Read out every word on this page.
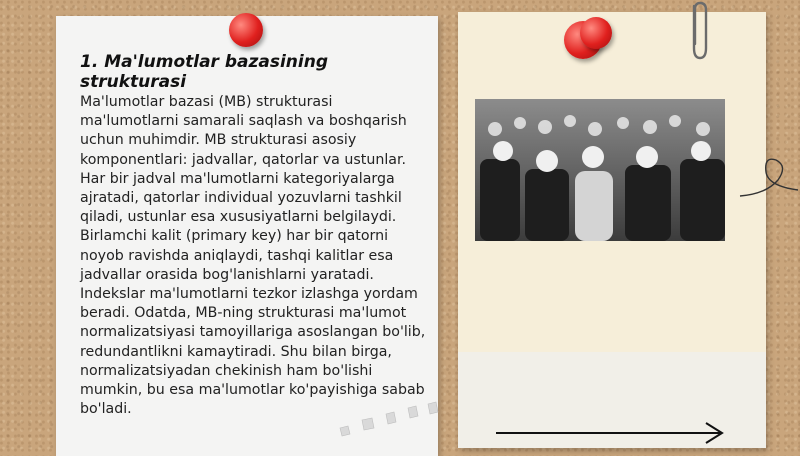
1. Ma'lumotlar bazasining strukturasi

Ma'lumotlar bazasi (MB) strukturasi ma'lumotlarni samarali saqlash va boshqarish uchun muhimdir. MB strukturasi asosiy komponentlari: jadvallar, qatorlar va ustunlar. Har bir jadval ma'lumotlarni kategoriyalarga ajratadi, qatorlar individual yozuvlarni tashkil qiladi, ustunlar esa xususiyatlarni belgilaydi. Birlamchi kalit (primary key) har bir qatorni noyob ravishda aniqlaydi, tashqi kalitlar esa jadvallar orasida bog'lanishlarni yaratadi. Indekslar ma'lumotlarni tezkor izlashga yordam beradi. Odatda, MB-ning strukturasi ma'lumot normalizatsiyasi tamoyillariga asoslangan bo'lib, redundantlikni kamaytiradi. Shu bilan birga, normalizatsiyadan chekinish ham bo'lishi mumkin, bu esa ma'lumotlar ko'payishiga sabab bo'ladi.
